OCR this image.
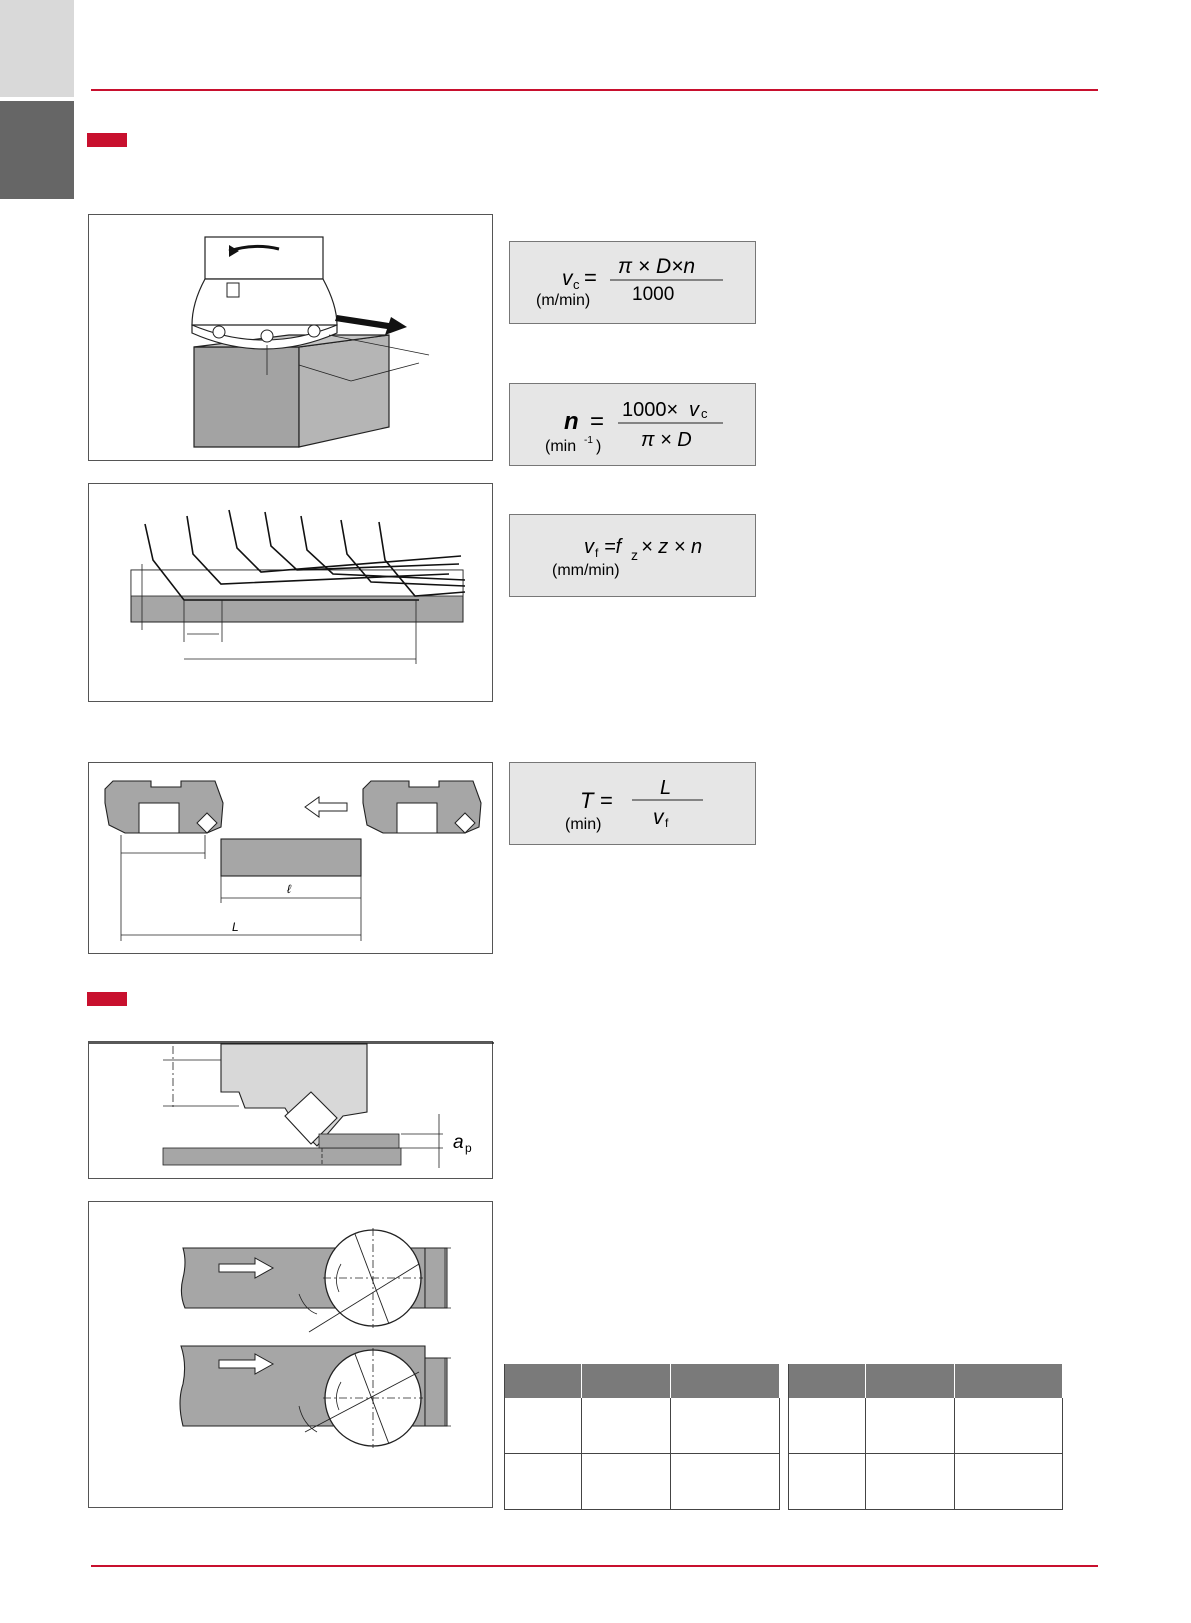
ℓ
L
a p
v c = π × D×n
1000
(m/min)
n = 1000× v c
π × D
(min -1 )
v f =f z × z × n
(mm/min)
T = L
v f
(min)
